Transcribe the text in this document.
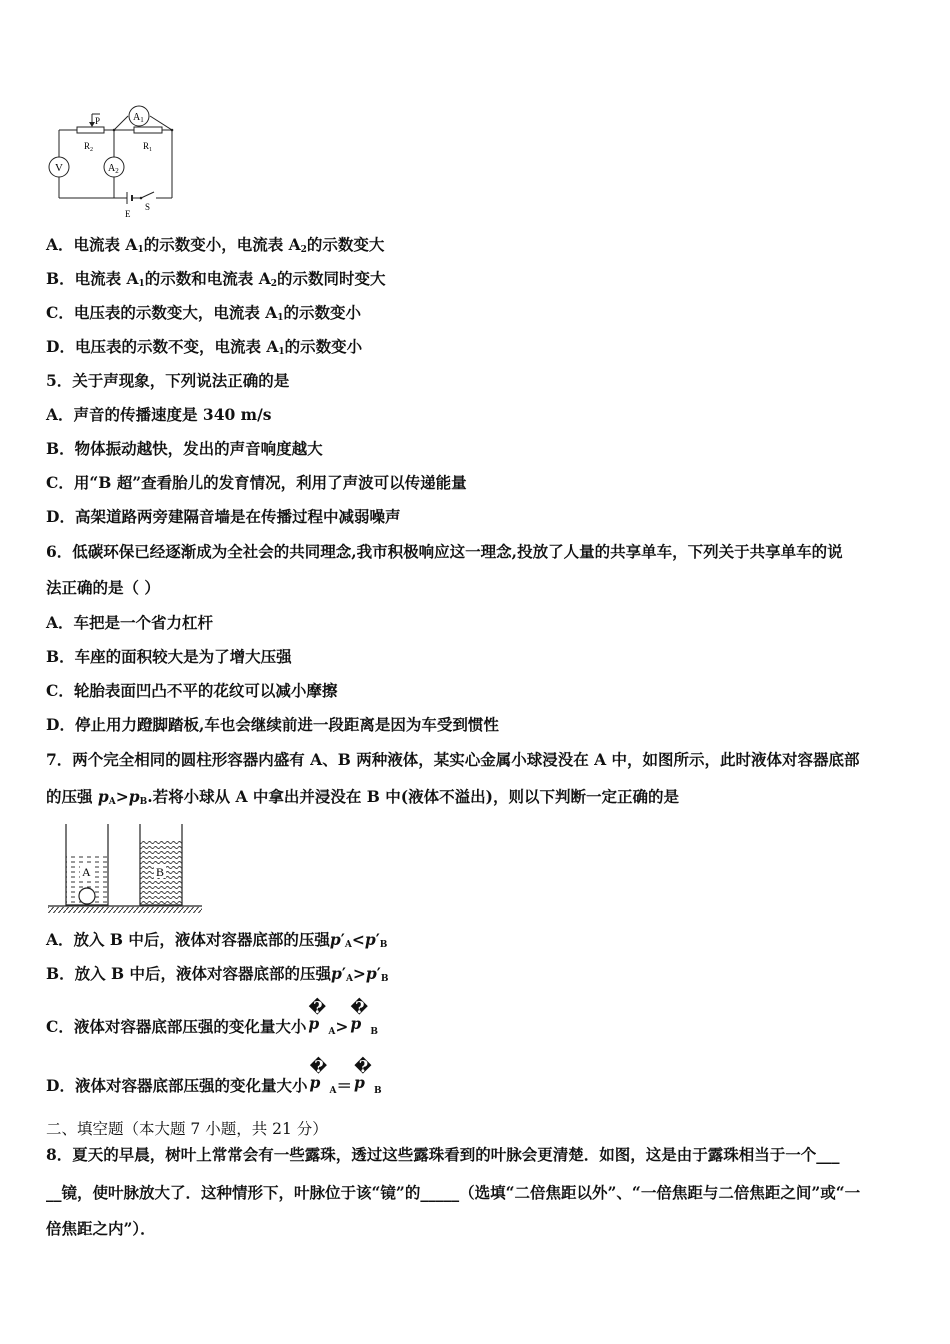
V	$A_2$
$A_1$
P
$R_2$	$R_1$
E
S
A．电流表 $A_1$的示数变小，电流表 $A_2$的示数变大
B．电流表 $A_1$的示数和电流表 $A_2$的示数同时变大
C．电压表的示数变大，电流表 $A_1$的示数变小
D．电压表的示数不变，电流表 $A_1$的示数变小
5．关于声现象，下列说法正确的是
A．声音的传播速度是 340 m/s
B．物体振动越快，发出的声音响度越大
C．用“B 超”查看胎儿的发育情况，利用了声波可以传递能量
D．高架道路两旁建隔音墙是在传播过程中减弱噪声
6．低碳环保已经逐渐成为全社会的共同理念,我市积极响应这一理念,投放了人量的共享单车，下列关于共享单车的说
法正确的是（ ）
A．车把是一个省力杠杆
B．车座的面积较大是为了增大压强
C．轮胎表面凹凸不平的花纹可以减小摩擦
D．停止用力蹬脚踏板,车也会继续前进一段距离是因为车受到惯性
7．两个完全相同的圆柱形容器内盛有 A、B 两种液体，某实心金属小球浸没在 A 中，如图所示，此时液体对容器底部
的压强 pA>pB.若将小球从 A 中拿出并浸没在 B 中(液体不溢出)，则以下判断一定正确的是
A	B
A．放入 B 中后，液体对容器底部的压强p′A<p′B
B．放入 B 中后，液体对容器底部的压强p′A>p′B
C．液体对容器底部压强的变化量大小
�
p A>
�
p B
D．液体对容器底部压强的变化量大小
�
p A＝
�
p B
二、填空题（本大题 7 小题，共 21 分）
8．夏天的早晨，树叶上常常会有一些露珠，透过这些露珠看到的叶脉会更清楚．如图，这是由于露珠相当于一个___
__镜，使叶脉放大了．这种情形下，叶脉位于该“镜”的_____（选填“二倍焦距以外”、“一倍焦距与二倍焦距之间”或“一
倍焦距之内”）．
